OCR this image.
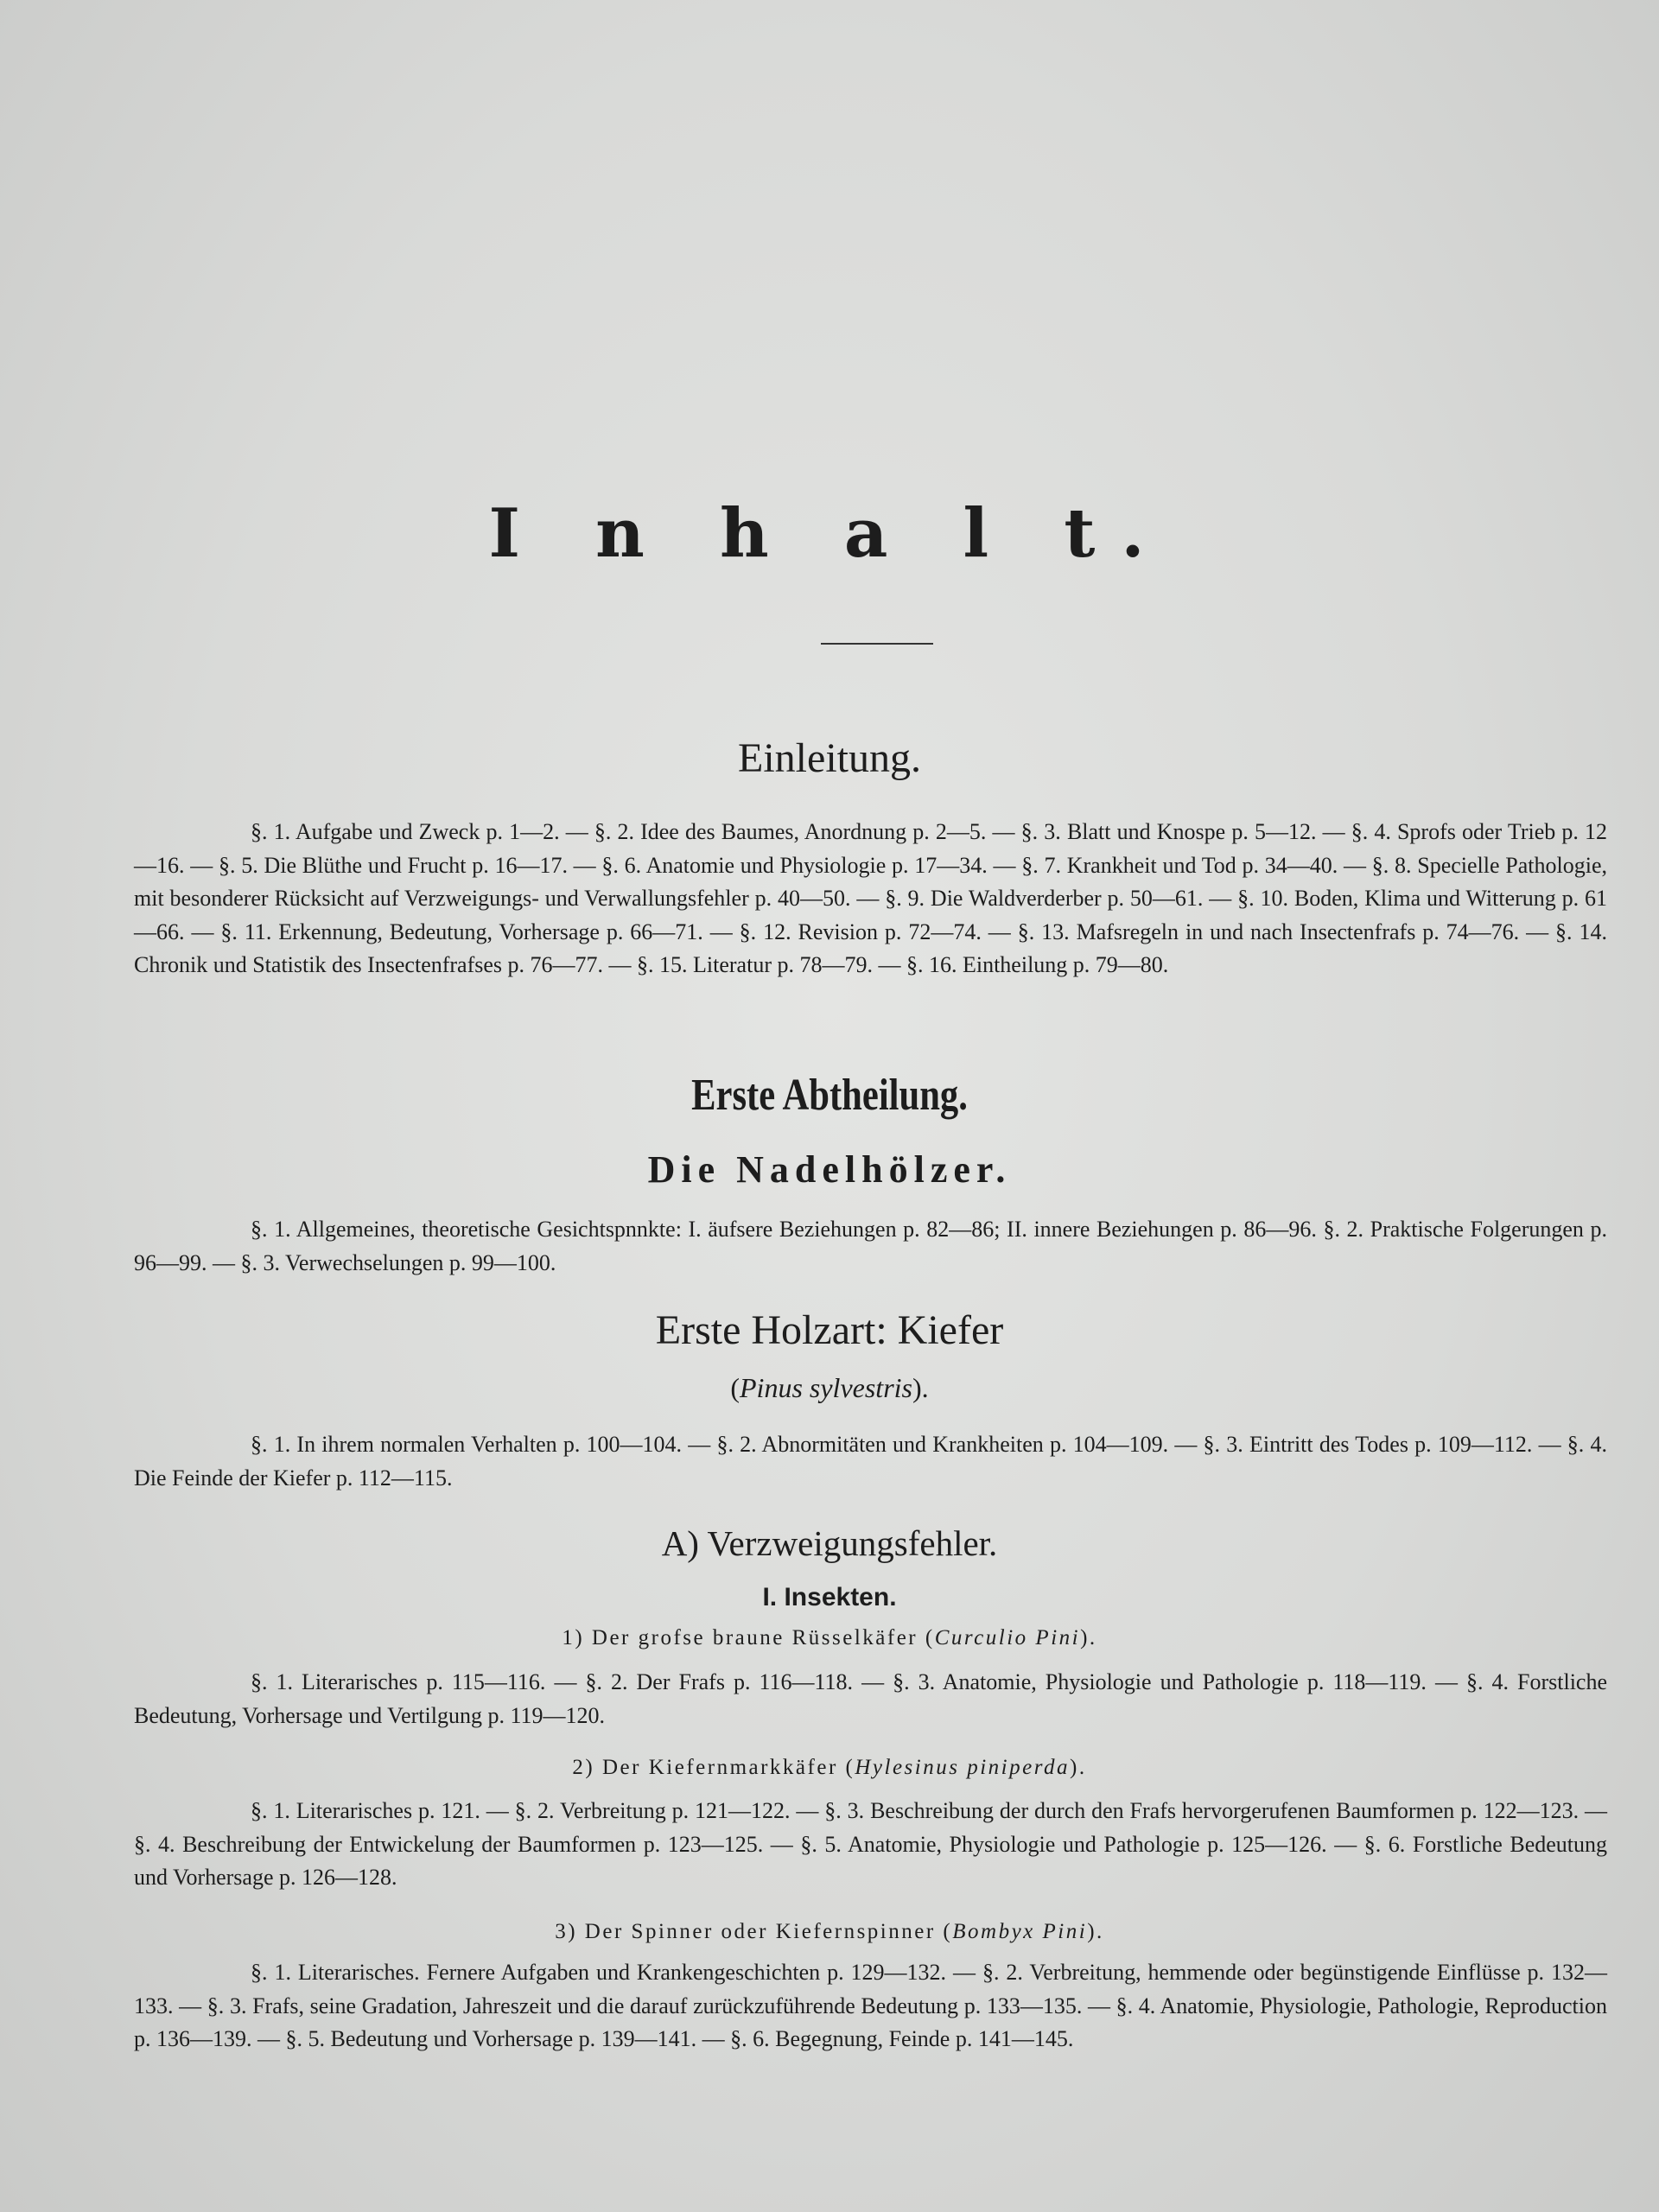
I n h a l t.
Einleitung.
§. 1. Aufgabe und Zweck p. 1—2. — §. 2. Idee des Baumes, Anordnung p. 2—5. — §. 3. Blatt und Knospe p. 5—12. — §. 4. Sprofs oder Trieb p. 12—16. — §. 5. Die Blüthe und Frucht p. 16—17. — §. 6. Anatomie und Physiologie p. 17—34. — §. 7. Krankheit und Tod p. 34—40. — §. 8. Specielle Pathologie, mit besonderer Rücksicht auf Verzweigungs- und Verwallungsfehler p. 40—50. — §. 9. Die Waldverderber p. 50—61. — §. 10. Boden, Klima und Witterung p. 61—66. — §. 11. Erkennung, Bedeutung, Vorhersage p. 66—71. — §. 12. Revision p. 72—74. — §. 13. Mafsregeln in und nach Insectenfrafs p. 74—76. — §. 14. Chronik und Statistik des Insectenfrafses p. 76—77. — §. 15. Literatur p. 78—79. — §. 16. Eintheilung p. 79—80.
Erste Abtheilung.
Die Nadelhölzer.
§. 1. Allgemeines, theoretische Gesichtspnnkte: I. äufsere Beziehungen p. 82—86; II. innere Beziehungen p. 86—96. §. 2. Praktische Folgerungen p. 96—99. — §. 3. Verwechselungen p. 99—100.
Erste Holzart: Kiefer
(Pinus sylvestris).
§. 1. In ihrem normalen Verhalten p. 100—104. — §. 2. Abnormitäten und Krankheiten p. 104—109. — §. 3. Eintritt des Todes p. 109—112. — §. 4. Die Feinde der Kiefer p. 112—115.
A) Verzweigungsfehler.
I. Insekten.
1) Der grofse braune Rüsselkäfer (Curculio Pini).
§. 1. Literarisches p. 115—116. — §. 2. Der Frafs p. 116—118. — §. 3. Anatomie, Physiologie und Pathologie p. 118—119. — §. 4. Forstliche Bedeutung, Vorhersage und Vertilgung p. 119—120.
2) Der Kiefernmarkkäfer (Hylesinus piniperda).
§. 1. Literarisches p. 121. — §. 2. Verbreitung p. 121—122. — §. 3. Beschreibung der durch den Frafs hervorgerufenen Baumformen p. 122—123. — §. 4. Beschreibung der Entwickelung der Baumformen p. 123—125. — §. 5. Anatomie, Physiologie und Pathologie p. 125—126. — §. 6. Forstliche Bedeutung und Vorhersage p. 126—128.
3) Der Spinner oder Kiefernspinner (Bombyx Pini).
§. 1. Literarisches. Fernere Aufgaben und Krankengeschichten p. 129—132. — §. 2. Verbreitung, hemmende oder begünstigende Einflüsse p. 132—133. — §. 3. Frafs, seine Gradation, Jahreszeit und die darauf zurückzuführende Bedeutung p. 133—135. — §. 4. Anatomie, Physiologie, Pathologie, Reproduction p. 136—139. — §. 5. Bedeutung und Vorhersage p. 139—141. — §. 6. Begegnung, Feinde p. 141—145.
